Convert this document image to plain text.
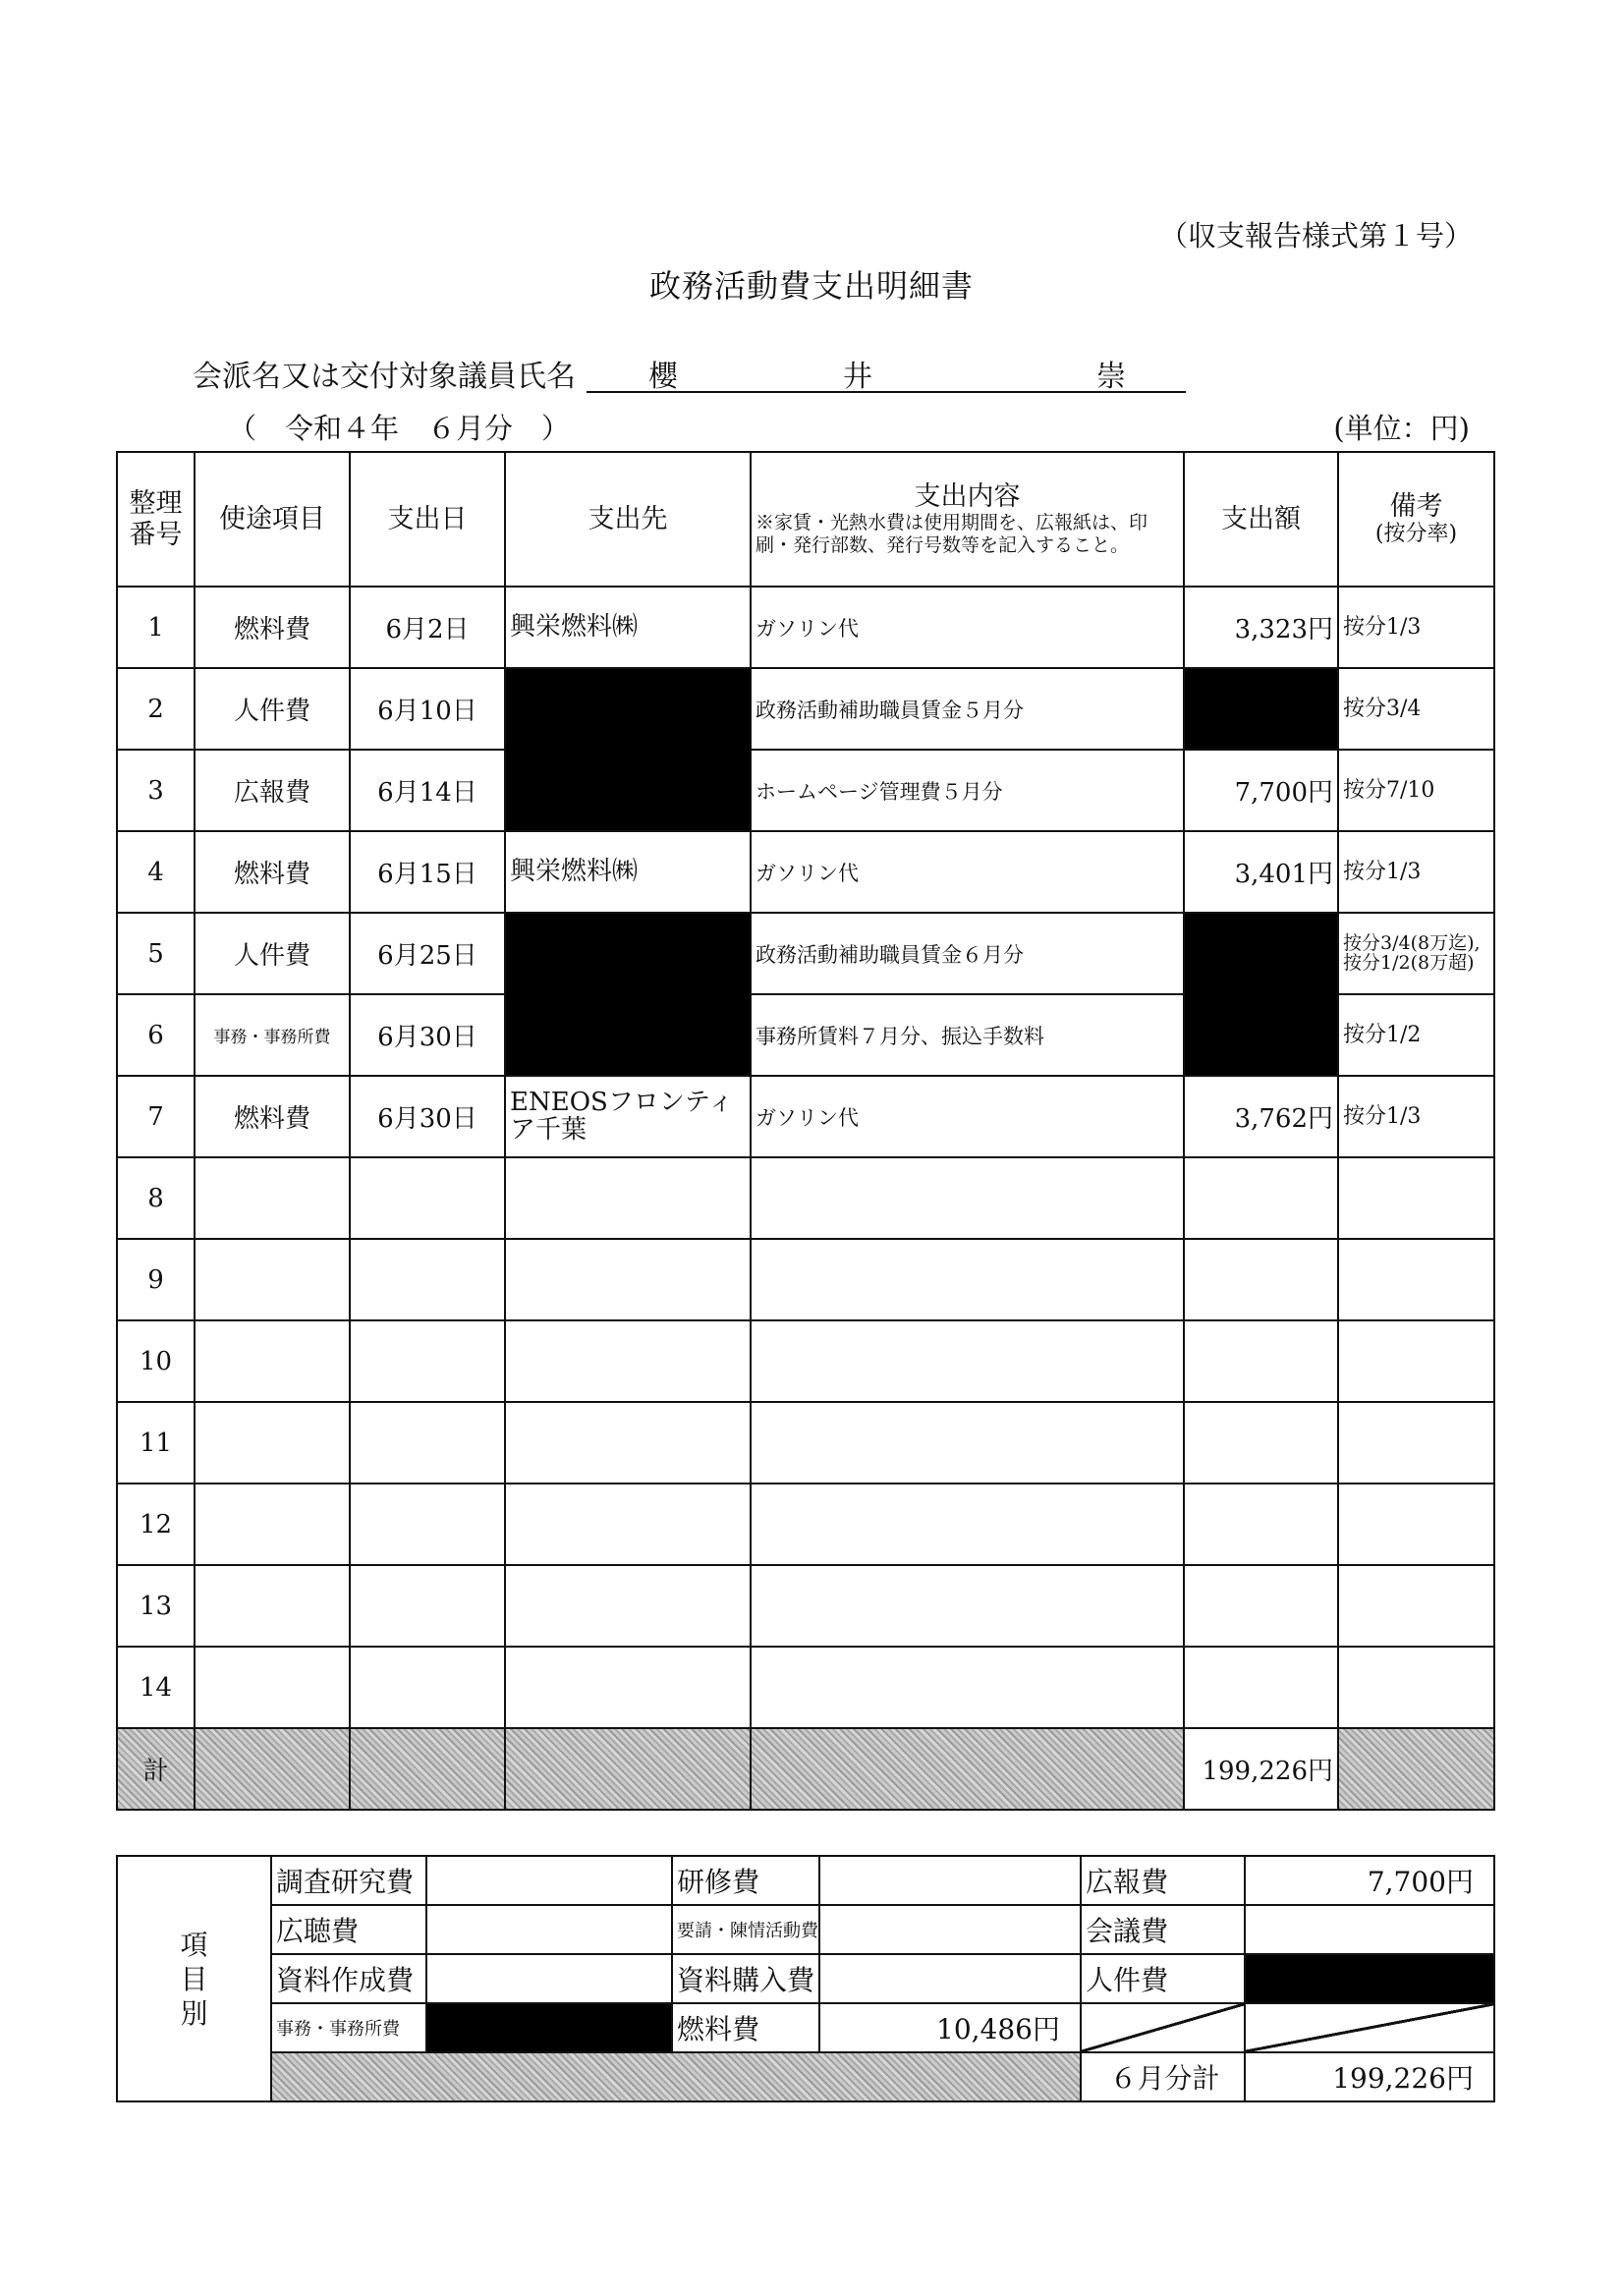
（収支報告様式第１号）
政務活動費支出明細書
会派名又は交付対象議員氏名 櫻	井	崇
（　令和４年　６月分　）	(単位：円)
整理番号	使途項目	支出日	支出先	支出内容
※家賃・光熱水費は使用期間を、広報紙は、印刷・発行部数、発行号数等を記入すること。	支出額	備考
(按分率)

1	燃料費	6月2日	興栄燃料㈱	ガソリン代	3,323円	按分1/3
2	人件費	6月10日		政務活動補助職員賃金５月分		按分3/4
3	広報費	6月14日		ホームページ管理費５月分	7,700円	按分7/10
4	燃料費	6月15日	興栄燃料㈱	ガソリン代	3,401円	按分1/3
5	人件費	6月25日		政務活動補助職員賃金６月分		按分3/4(8万迄),按分1/2(8万超)
6	事務・事務所費	6月30日		事務所賃料７月分、振込手数料		按分1/2
7	燃料費	6月30日	ENEOSフロンティア千葉	ガソリン代	3,762円	按分1/3
8						
9						
10						
11						
12						
13						
14						
計					199,226円	
項
目
別	調査研究費		研修費		広報費	7,700円
	広聴費		要請・陳情活動費		会議費	
	資料作成費		資料購入費		人件費	
	事務・事務所費		燃料費	10,486円		
					６月分計	199,226円
